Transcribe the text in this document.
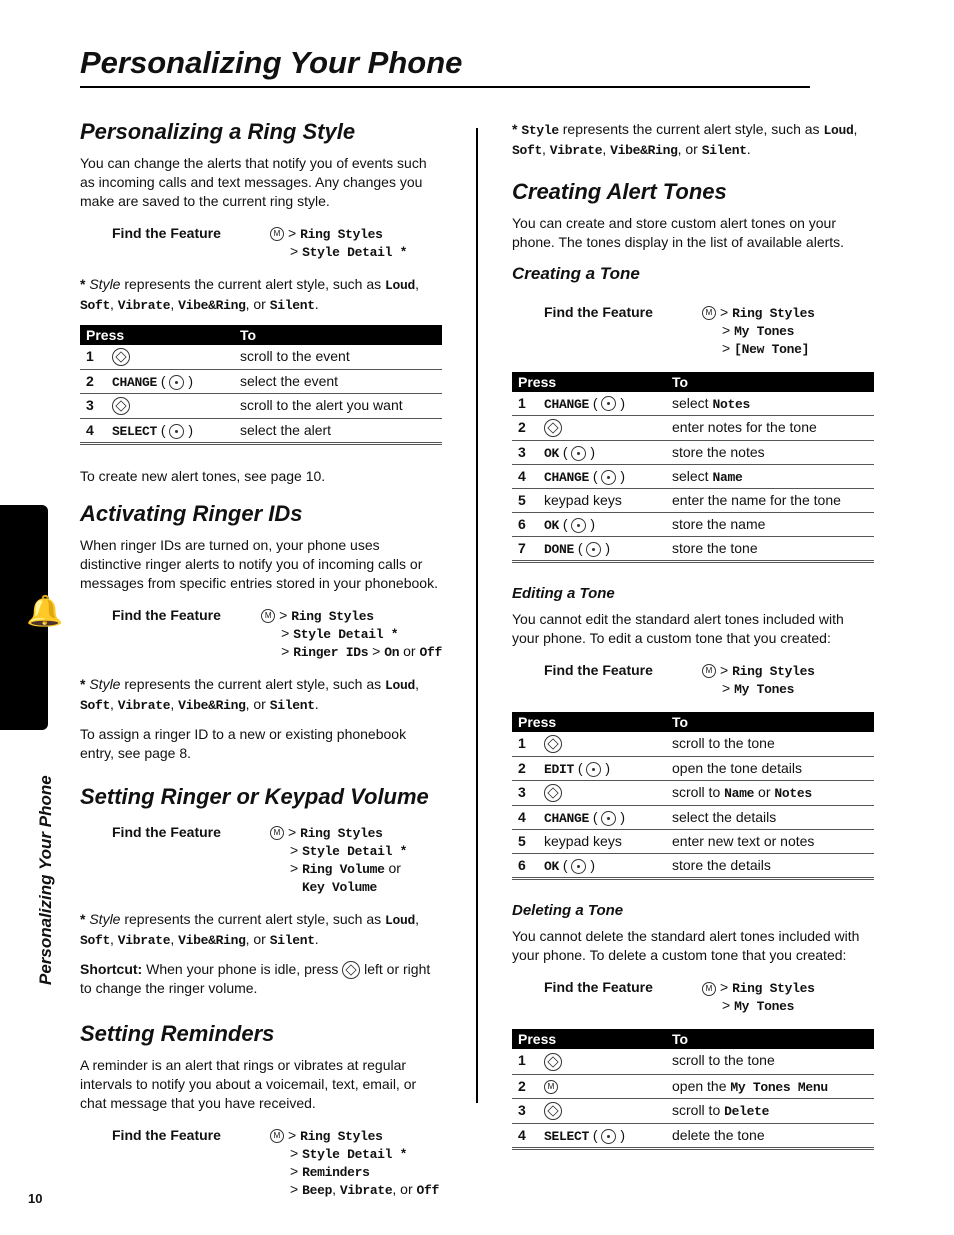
Personalizing Your Phone
🔔
Personalizing Your Phone
Personalizing a Ring Style

You can change the alerts that notify you of events such as incoming calls and text messages. Any changes you make are saved to the current ring style.

Find the Feature	M > Ring Styles
> Style Detail *

* Style represents the current alert style, such as Loud, Soft, Vibrate, Vibe&Ring, or Silent.

Press		To
1		scroll to the event
2	CHANGE (  )	select the event
3		scroll to the alert you want
4	SELECT (  )	select the alert

To create new alert tones, see page 10.

Activating Ringer IDs

When ringer IDs are turned on, your phone uses distinctive ringer alerts to notify you of incoming calls or messages from specific entries stored in your phonebook.

Find the Feature	M > Ring Styles
> Style Detail *
> Ringer IDs > On or Off

* Style represents the current alert style, such as Loud, Soft, Vibrate, Vibe&Ring, or Silent.

To assign a ringer ID to a new or existing phonebook entry, see page 8.

Setting Ringer or Keypad Volume
Find the Feature	M > Ring Styles
> Style Detail *
> Ring Volume or
Key Volume

* Style represents the current alert style, such as Loud, Soft, Vibrate, Vibe&Ring, or Silent.

Shortcut: When your phone is idle, press  left or right to change the ringer volume.

Setting Reminders

A reminder is an alert that rings or vibrates at regular intervals to notify you about a voicemail, text, email, or chat message that you have received.

Find the Feature	M > Ring Styles
> Style Detail *
> Reminders
> Beep, Vibrate, or Off

* Style represents the current alert style, such as Loud, Soft, Vibrate, Vibe&Ring, or Silent.

Creating Alert Tones

You can create and store custom alert tones on your phone. The tones display in the list of available alerts.

Creating a Tone
Find the Feature	M > Ring Styles
> My Tones
> [New Tone]
Press		To
1	CHANGE (  )	select Notes
2		enter notes for the tone
3	OK (  )	store the notes
4	CHANGE (  )	select Name
5	keypad keys	enter the name for the tone
6	OK (  )	store the name
7	DONE (  )	store the tone
Editing a Tone

You cannot edit the standard alert tones included with your phone. To edit a custom tone that you created:

Find the Feature	M > Ring Styles
> My Tones
Press		To
1		scroll to the tone
2	EDIT (  )	open the tone details
3		scroll to Name or Notes
4	CHANGE (  )	select the details
5	keypad keys	enter new text or notes
6	OK (  )	store the details
Deleting a Tone

You cannot delete the standard alert tones included with your phone. To delete a custom tone that you created:

Find the Feature	M > Ring Styles
> My Tones
Press		To
1		scroll to the tone
2	M	open the My Tones Menu
3		scroll to Delete
4	SELECT (  )	delete the tone
10
